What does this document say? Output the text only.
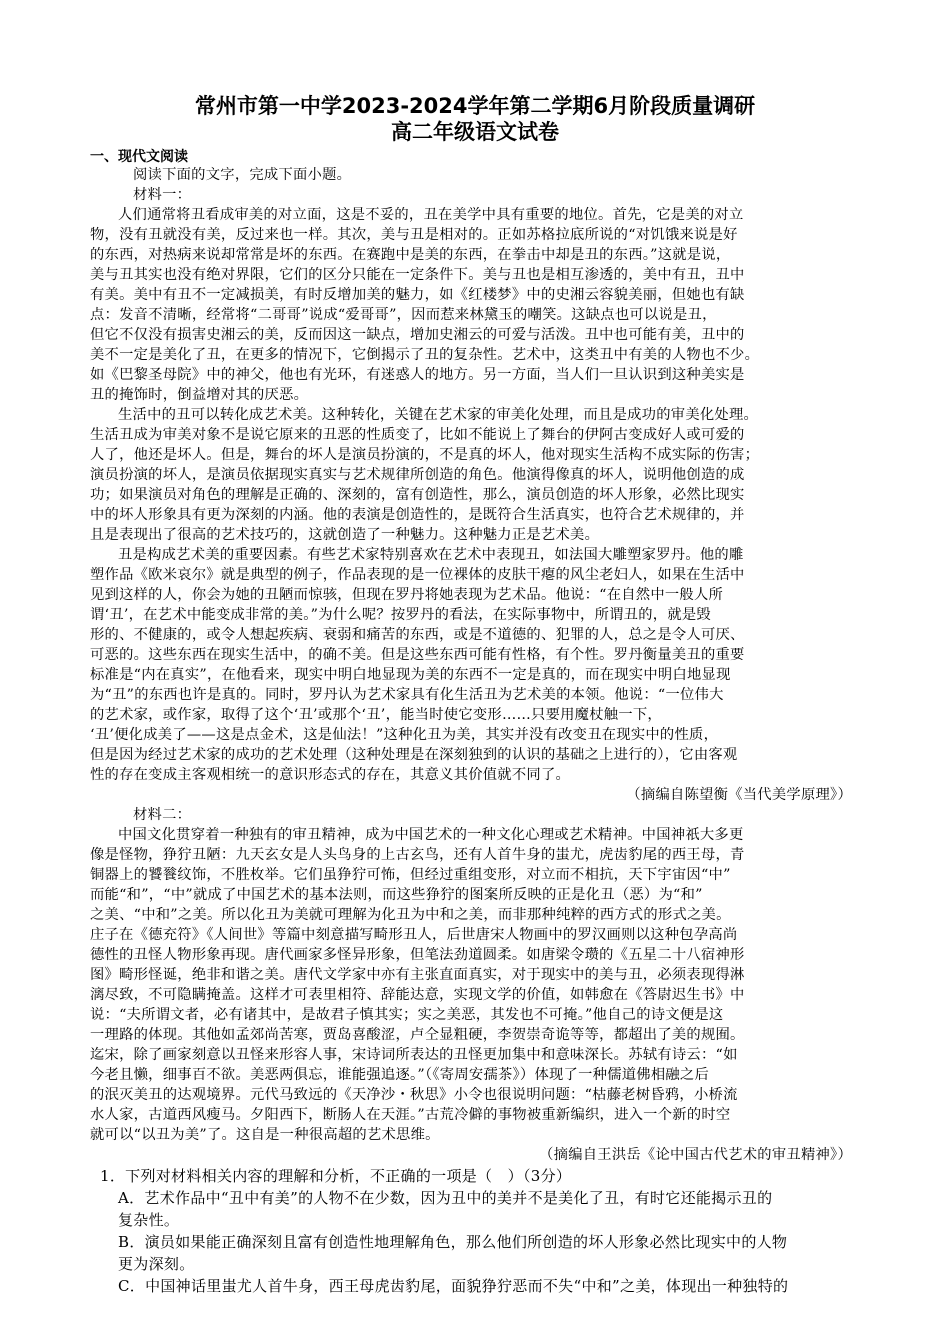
常州市第一中学2023-2024学年第二学期6月阶段质量调研
高二年级语文试卷
一、现代文阅读
阅读下面的文字，完成下面小题。
材料一：
人们通常将丑看成审美的对立面，这是不妥的，丑在美学中具有重要的地位。首先，它是美的对立
物，没有丑就没有美，反过来也一样。其次，美与丑是相对的。正如苏格拉底所说的“对饥饿来说是好
的东西，对热病来说却常常是坏的东西。在赛跑中是美的东西，在拳击中却是丑的东西。”这就是说，
美与丑其实也没有绝对界限，它们的区分只能在一定条件下。美与丑也是相互渗透的，美中有丑，丑中
有美。美中有丑不一定减损美，有时反增加美的魅力，如《红楼梦》中的史湘云容貌美丽，但她也有缺
点：发音不清晰，经常将“二哥哥”说成“爱哥哥”，因而惹来林黛玉的嘲笑。这缺点也可以说是丑，
但它不仅没有损害史湘云的美，反而因这一缺点，增加史湘云的可爱与活泼。丑中也可能有美，丑中的
美不一定是美化了丑，在更多的情况下，它倒揭示了丑的复杂性。艺术中，这类丑中有美的人物也不少。
如《巴黎圣母院》中的神父，他也有光环，有迷惑人的地方。另一方面，当人们一旦认识到这种美实是
丑的掩饰时，倒益增对其的厌恶。
生活中的丑可以转化成艺术美。这种转化，关键在艺术家的审美化处理，而且是成功的审美化处理。
生活丑成为审美对象不是说它原来的丑恶的性质变了，比如不能说上了舞台的伊阿古变成好人或可爱的
人了，他还是坏人。但是，舞台的坏人是演员扮演的，不是真的坏人，他对现实生活构不成实际的伤害；
演员扮演的坏人，是演员依据现实真实与艺术规律所创造的角色。他演得像真的坏人，说明他创造的成
功；如果演员对角色的理解是正确的、深刻的，富有创造性，那么，演员创造的坏人形象，必然比现实
中的坏人形象具有更为深刻的内涵。他的表演是创造性的，是既符合生活真实，也符合艺术规律的，并
且是表现出了很高的艺术技巧的，这就创造了一种魅力。这种魅力正是艺术美。
丑是构成艺术美的重要因素。有些艺术家特别喜欢在艺术中表现丑，如法国大雕塑家罗丹。他的雕
塑作品《欧米哀尔》就是典型的例子，作品表现的是一位裸体的皮肤干瘪的风尘老妇人，如果在生活中
见到这样的人，你会为她的丑陋而惊骇，但现在罗丹将她表现为艺术品。他说：“在自然中一般人所
谓‘丑’，在艺术中能变成非常的美。”为什么呢？按罗丹的看法，在实际事物中，所谓丑的，就是毁
形的、不健康的，或令人想起疾病、衰弱和痛苦的东西，或是不道德的、犯罪的人，总之是令人可厌、
可恶的。这些东西在现实生活中，的确不美。但是这些东西可能有性格，有个性。罗丹衡量美丑的重要
标准是“内在真实”，在他看来，现实中明白地显现为美的东西不一定是真的，而在现实中明白地显现
为“丑”的东西也许是真的。同时，罗丹认为艺术家具有化生活丑为艺术美的本领。他说：“一位伟大
的艺术家，或作家，取得了这个‘丑’或那个‘丑’，能当时使它变形……只要用魔杖触一下，
‘丑’便化成美了——这是点金术，这是仙法！”这种化丑为美，其实并没有改变丑在现实中的性质，
但是因为经过艺术家的成功的艺术处理（这种处理是在深刻独到的认识的基础之上进行的），它由客观
性的存在变成主客观相统一的意识形态式的存在，其意义其价值就不同了。
（摘编自陈望衡《当代美学原理》）
材料二：
中国文化贯穿着一种独有的审丑精神，成为中国艺术的一种文化心理或艺术精神。中国神祇大多更
像是怪物，狰狞丑陋：九天玄女是人头鸟身的上古玄鸟，还有人首牛身的蚩尤，虎齿豹尾的西王母，青
铜器上的饕餮纹饰，不胜枚举。它们虽狰狞可怖，但经过重组变形，对立而不相抗，天下宇宙因“中”
而能“和”，“中”就成了中国艺术的基本法则，而这些狰狞的图案所反映的正是化丑（恶）为“和”
之美、“中和”之美。所以化丑为美就可理解为化丑为中和之美，而非那种纯粹的西方式的形式之美。
庄子在《德充符》《人间世》等篇中刻意描写畸形丑人，后世唐宋人物画中的罗汉画则以这种包孕高尚
德性的丑怪人物形象再现。唐代画家多怪异形象，但笔法劲道圆柔。如唐梁令瓒的《五星二十八宿神形
图》畸形怪诞，绝非和谐之美。唐代文学家中亦有主张直面真实，对于现实中的美与丑，必须表现得淋
漓尽致，不可隐瞒掩盖。这样才可表里相符、辞能达意，实现文学的价值，如韩愈在《答尉迟生书》中
说：“夫所谓文者，必有诸其中，是故君子慎其实；实之美恶，其发也不可掩。”他自己的诗文便是这
一理路的体现。其他如孟郊尚苦寒，贾岛喜酸涩，卢仝显粗硬，李贺崇奇诡等等，都超出了美的规囿。
迄宋，除了画家刻意以丑怪来形容人事，宋诗词所表达的丑怪更加集中和意味深长。苏轼有诗云：“如
今老且懒，细事百不欲。美恶两俱忘，谁能强追逐。”（《寄周安孺茶》）体现了一种儒道佛相融之后
的泯灭美丑的达观境界。元代马致远的《天净沙・秋思》小令也很说明问题：“枯藤老树昏鸦，小桥流
水人家，古道西风瘦马。夕阳西下，断肠人在天涯。”古荒冷僻的事物被重新编织，进入一个新的时空
就可以“以丑为美”了。这自是一种很高超的艺术思维。
（摘编自王洪岳《论中国古代艺术的审丑精神》）
1．下列对材料相关内容的理解和分析，不正确的一项是（　）（3分）
A．艺术作品中“丑中有美”的人物不在少数，因为丑中的美并不是美化了丑，有时它还能揭示丑的
复杂性。
B．演员如果能正确深刻且富有创造性地理解角色，那么他们所创造的坏人形象必然比现实中的人物
更为深刻。
C．中国神话里蚩尤人首牛身，西王母虎齿豹尾，面貌狰狞恶而不失“中和”之美，体现出一种独特的
